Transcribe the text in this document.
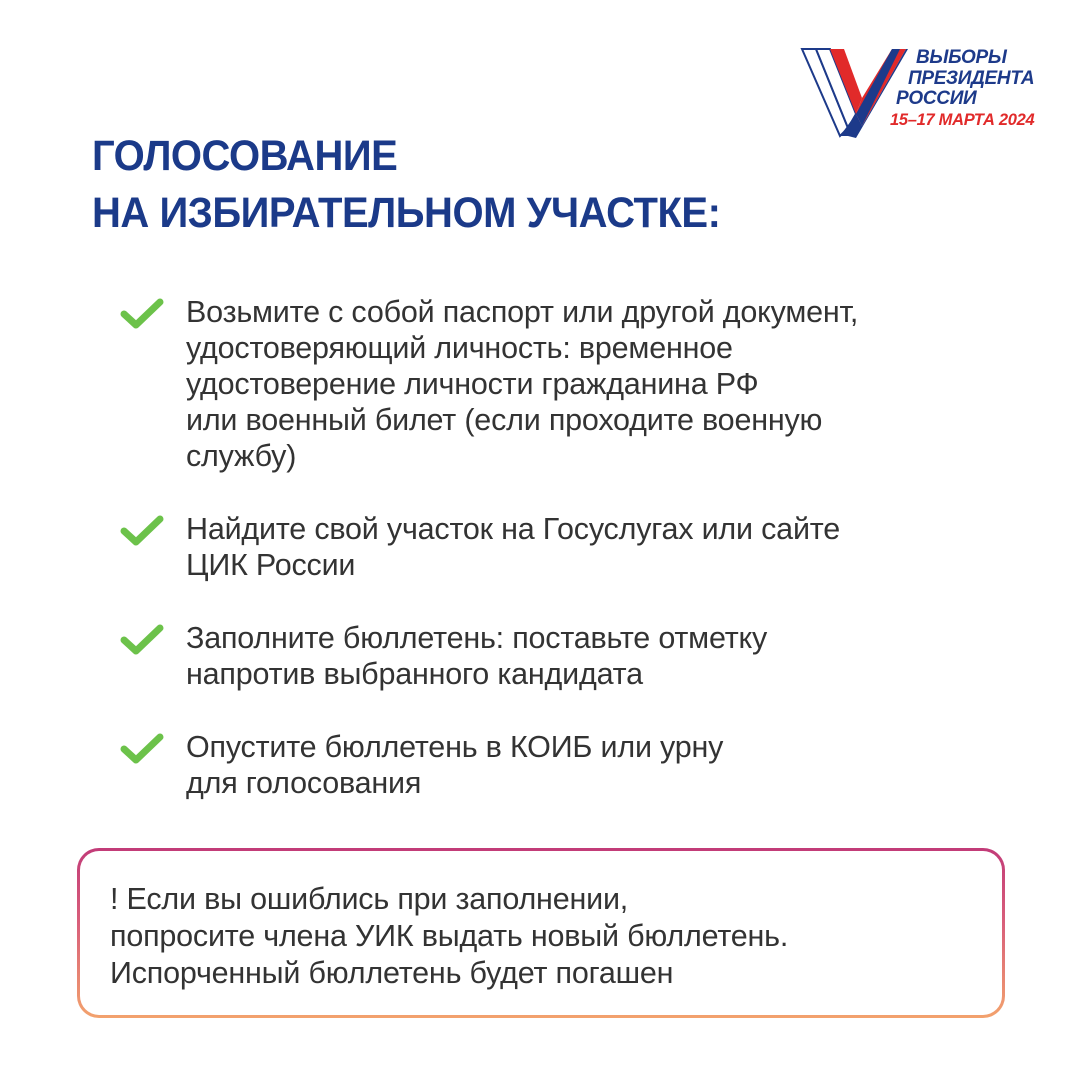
ВЫБОРЫ
ПРЕЗИДЕНТА
РОССИИ
15–17 МАРТА 2024
ГОЛОСОВАНИЕ
НА ИЗБИРАТЕЛЬНОМ УЧАСТКЕ:
Возьмите с собой паспорт или другой документ,
удостоверяющий личность: временное
удостоверение личности гражданина РФ
или военный билет (если проходите военную
службу)
Найдите свой участок на Госуслугах или сайте
ЦИК России
Заполните бюллетень: поставьте отметку
напротив выбранного кандидата
Опустите бюллетень в КОИБ или урну
для голосования
! Если вы ошиблись при заполнении,
попросите члена УИК выдать новый бюллетень.
Испорченный бюллетень будет погашен
